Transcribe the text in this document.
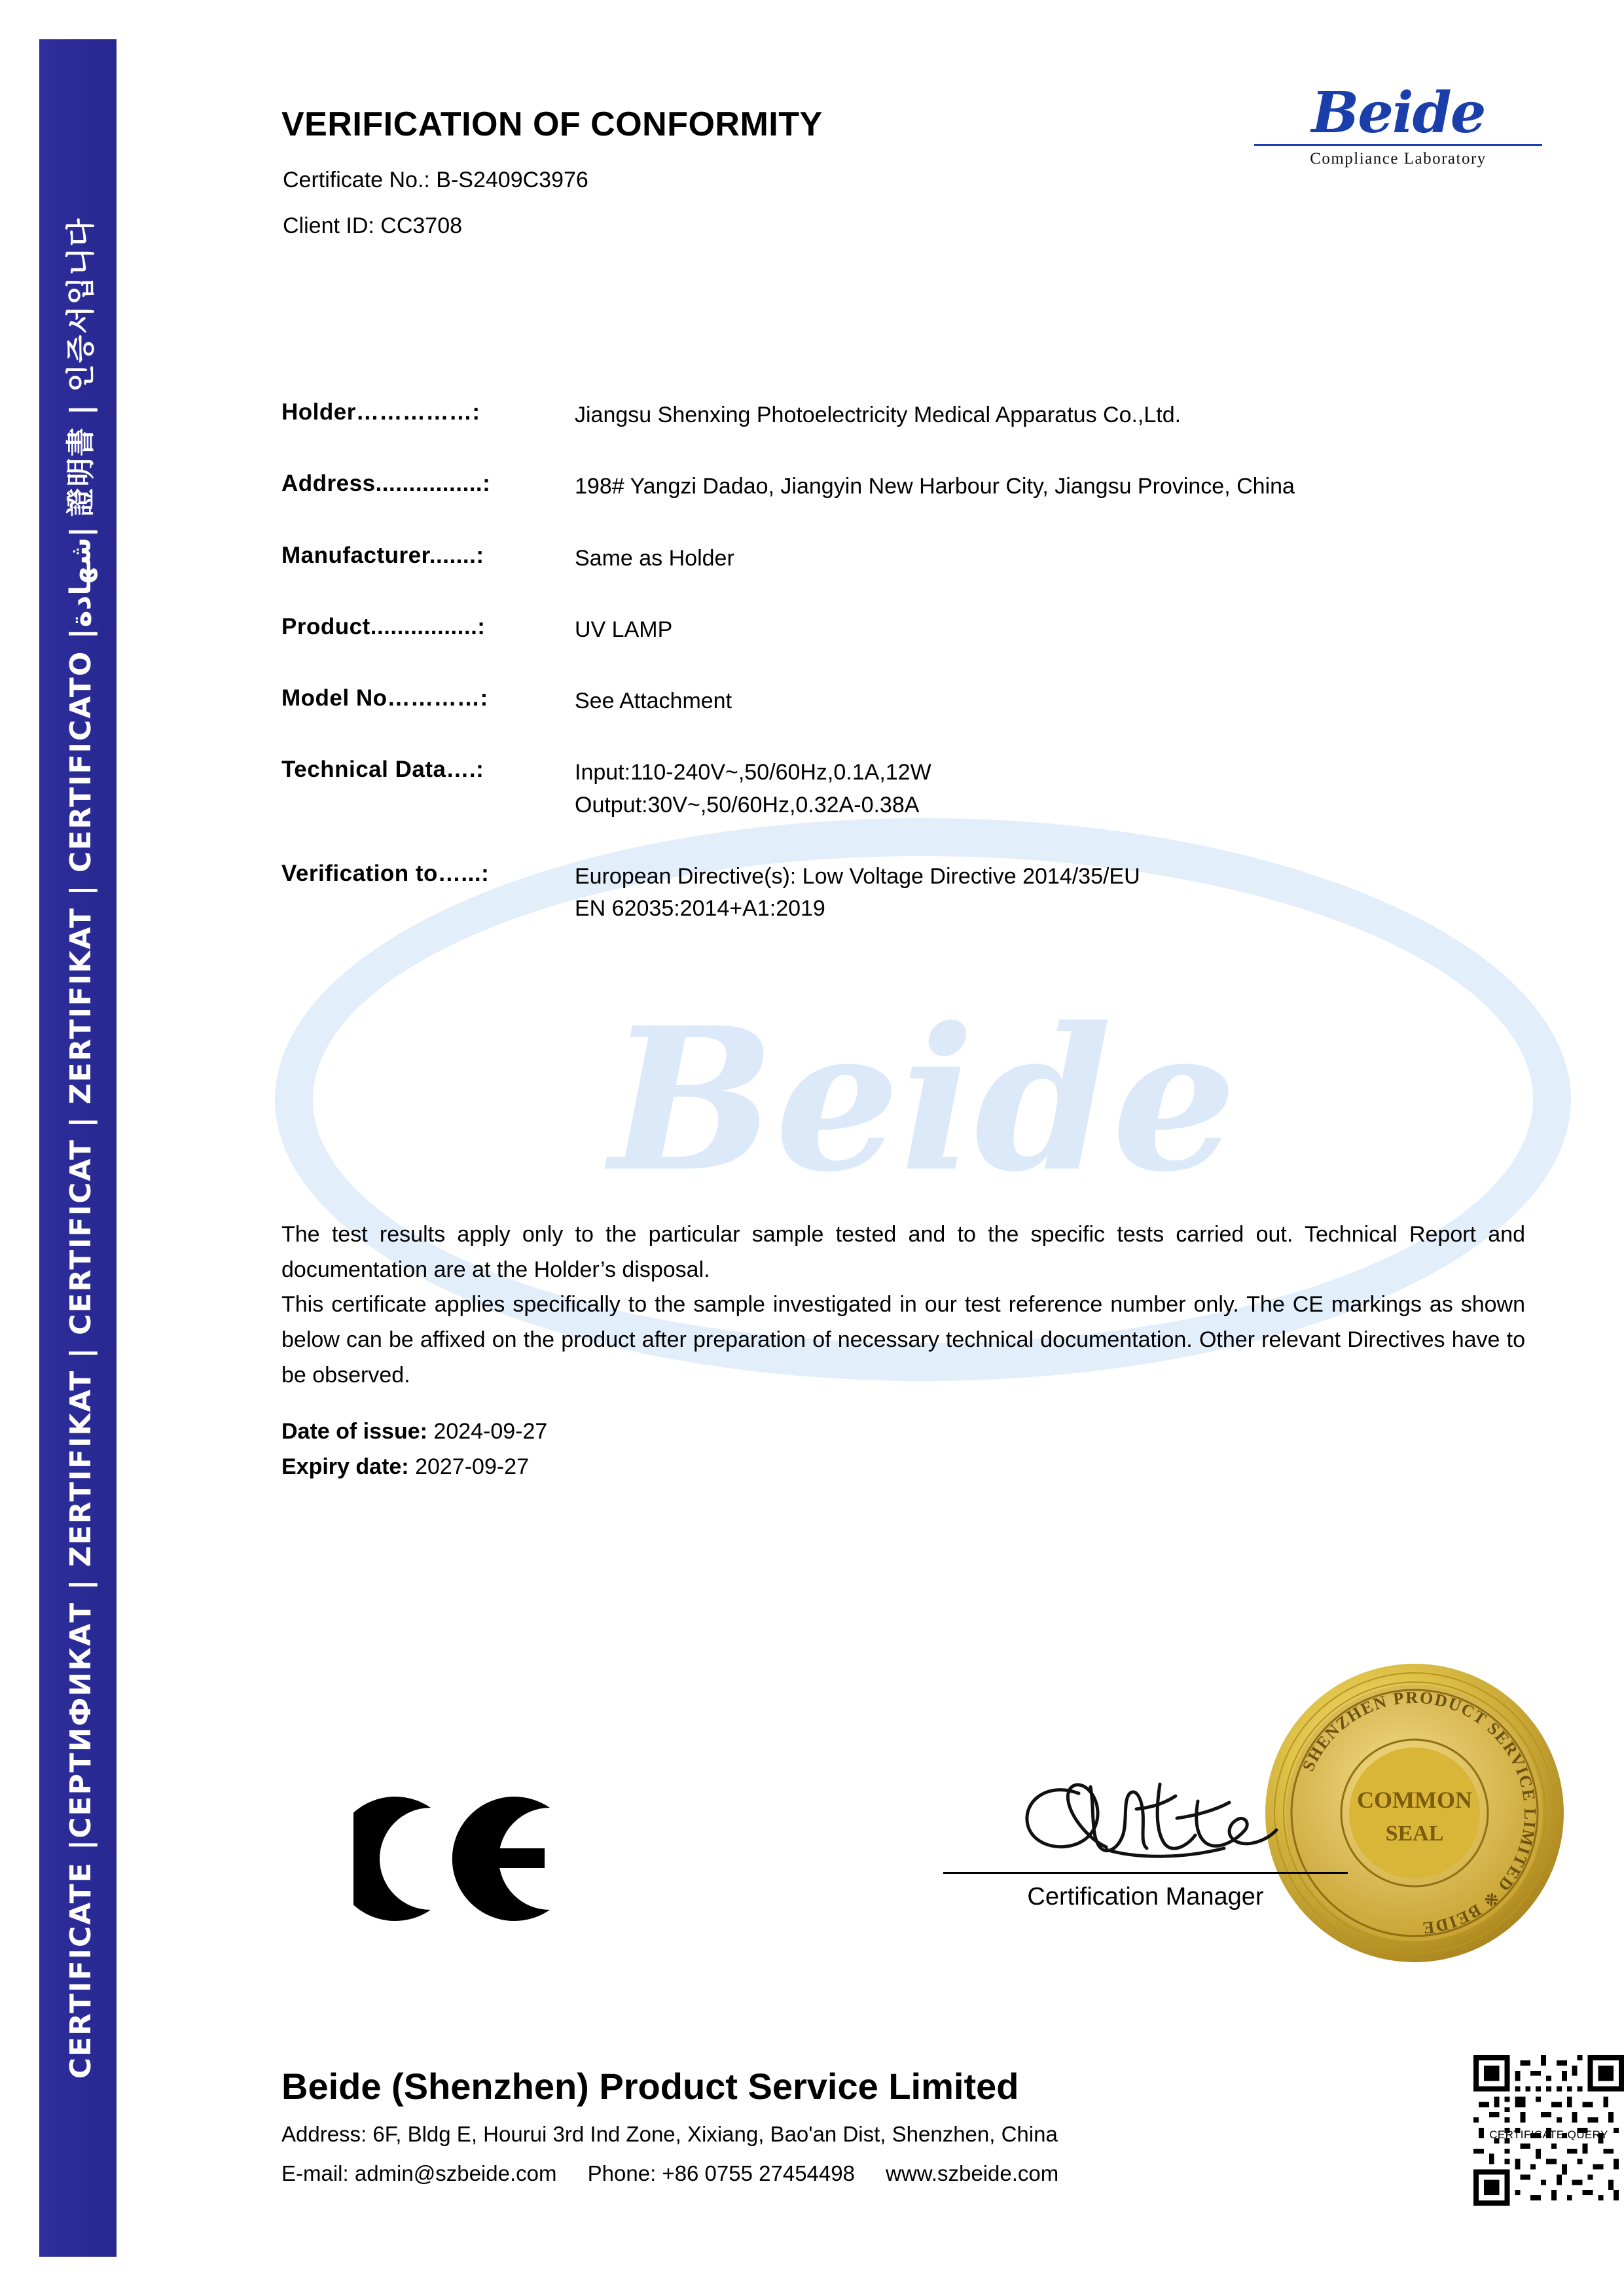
CERTIFICATE |СЕРТИФИКАТ | ZERTIFIKAT | CERTIFICAT | ZERTIFIKAT | CERTIFICATO |شهادة| 證明書 | 인증서입니다
Beide
VERIFICATION OF CONFORMITY
Certificate No.: B-S2409C3976
Client ID: CC3708
Beide
Compliance Laboratory
Holder……………:	Jiangsu Shenxing Photoelectricity Medical Apparatus Co.,Ltd.
Address................:	198# Yangzi Dadao, Jiangyin New Harbour City, Jiangsu Province, China
Manufacturer.......:	Same as Holder
Product................:	UV LAMP
Model No…………:	See Attachment
Technical Data….:	Input:110-240V~,50/60Hz,0.1A,12W
Output:30V~,50/60Hz,0.32A-0.38A
Verification to…...:	European Directive(s): Low Voltage Directive 2014/35/EU
EN 62035:2014+A1:2019

The test results apply only to the particular sample tested and to the specific tests carried out. Technical Report and documentation are at the Holder’s disposal.

This certificate applies specifically to the sample investigated in our test reference number only. The CE markings as shown below can be affixed on the product after preparation of necessary technical documentation. Other relevant Directives have to be observed.

Date of issue: 2024-09-27
Expiry date: 2027-09-27
Certification Manager
Beide (Shenzhen) Product Service Limited
Address: 6F, Bldg E, Hourui 3rd Ind Zone, Xixiang, Bao'an Dist, Shenzhen, China
E-mail: admin@szbeide.com Phone: +86 0755 27454498 www.szbeide.com
SHENZHEN PRODUCT SERVICE LIMITED ※ BEIDE
COMMON
SEAL
CERTIFICATE QUERY
